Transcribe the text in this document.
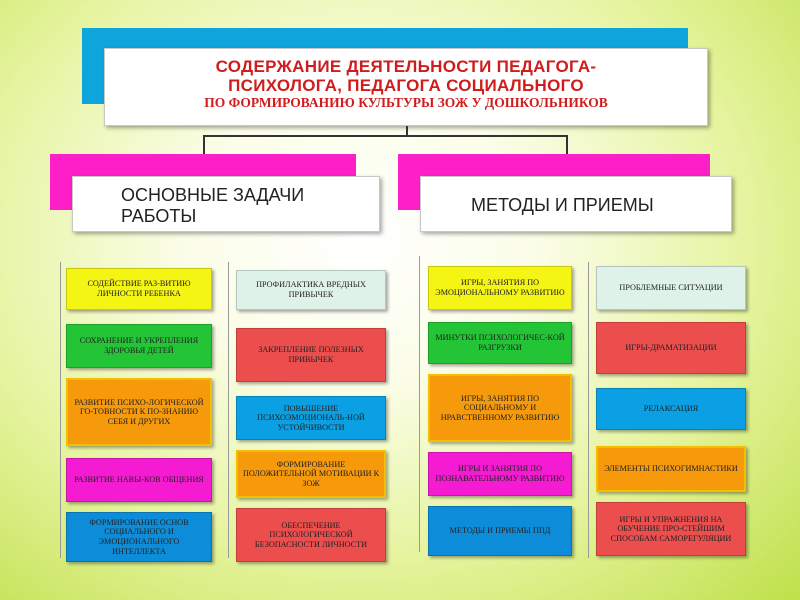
СОДЕРЖАНИЕ ДЕЯТЕЛЬНОСТИ ПЕДАГОГА-
ПСИХОЛОГА, ПЕДАГОГА СОЦИАЛЬНОГО
ПО ФОРМИРОВАНИЮ КУЛЬТУРЫ ЗОЖ У ДОШКОЛЬНИКОВ
ОСНОВНЫЕ ЗАДАЧИ РАБОТЫ
МЕТОДЫ И ПРИЕМЫ
СОДЕЙСТВИЕ РАЗ-ВИТИЮ ЛИЧНОСТИ РЕБЕНКА
СОХРАНЕНИЕ И УКРЕПЛЕНИЯ ЗДОРОВЬЯ ДЕТЕЙ
РАЗВИТИЕ ПСИХО-ЛОГИЧЕСКОЙ ГО-ТОВНОСТИ К ПО-ЗНАНИЮ СЕБЯ И ДРУГИХ
РАЗВИТИЕ НАВЫ-КОВ ОБЩЕНИЯ
ФОРМИРОВАНИЕ ОСНОВ СОЦИАЛЬНОГО И ЭМОЦИОНАЛЬНОГО ИНТЕЛЛЕКТА
ПРОФИЛАКТИКА ВРЕДНЫХ ПРИВЫЧЕК
ЗАКРЕПЛЕНИЕ ПОЛЕЗНЫХ ПРИВЫЧЕК
ПОВЫШЕНИЕ ПСИХОЭМОЦИОНАЛЬ-НОЙ УСТОЙЧИВОСТИ
ФОРМИРОВАНИЕ ПОЛОЖИТЕЛЬНОЙ МОТИВАЦИИ К ЗОЖ
ОБЕСПЕЧЕНИЕ ПСИХОЛОГИЧЕСКОЙ БЕЗОПАСНОСТИ ЛИЧНОСТИ
ИГРЫ, ЗАНЯТИЯ ПО ЭМОЦИОНАЛЬНОМУ РАЗВИТИЮ
МИНУТКИ ПСИХОЛОГИЧЕС-КОЙ РАЗГРУЗКИ
ИГРЫ, ЗАНЯТИЯ ПО СОЦИАЛЬНОМУ И НРАВСТВЕННОМУ РАЗВИТИЮ
ИГРЫ И ЗАНЯТИЯ ПО ПОЗНАВАТЕЛЬНОМУ РАЗВИТИЮ
МЕТОДЫ И ПРИЕМЫ ППД
ПРОБЛЕМНЫЕ СИТУАЦИИ
ИГРЫ-ДРАМАТИЗАЦИИ
РЕЛАКСАЦИЯ
ЭЛЕМЕНТЫ ПСИХОГИМНАСТИКИ
ИГРЫ И УПРАЖНЕНИЯ НА ОБУЧЕНИЕ ПРО-СТЕЙШИМ СПОСОБАМ САМОРЕГУЛЯЦИИ
